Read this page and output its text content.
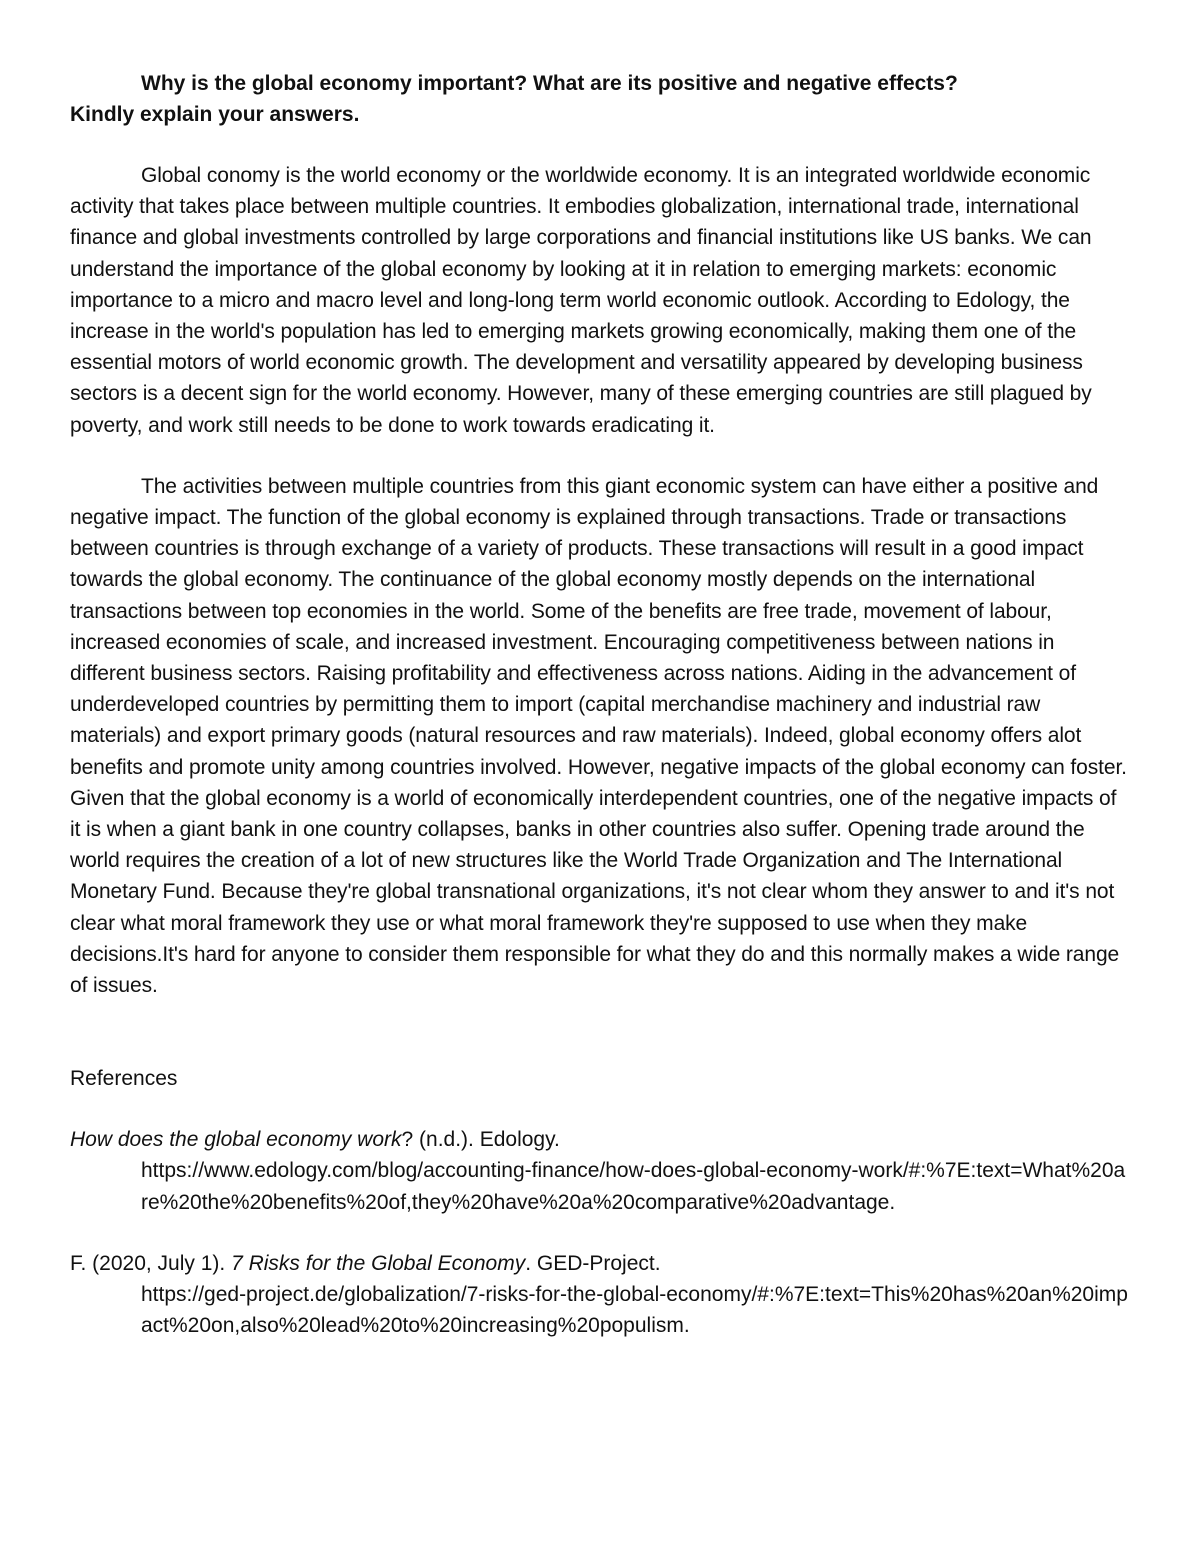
Why is the global economy important? What are its positive and negative effects?
Kindly explain your answers.

Global conomy is the world economy or the worldwide economy. It is an integrated worldwide economic activity that takes place between multiple countries. It embodies globalization, international trade, international finance and global investments controlled by large corporations and financial institutions like US banks. We can understand the importance of the global economy by looking at it in relation to emerging markets: economic importance to a micro and macro level and long-long term world economic outlook. According to Edology, the increase in the world's population has led to emerging markets growing economically, making them one of the essential motors of world economic growth. The development and versatility appeared by developing business sectors is a decent sign for the world economy. However, many of these emerging countries are still plagued by poverty, and work still needs to be done to work towards eradicating it.

The activities between multiple countries from this giant economic system can have either a positive and negative impact. The function of the global economy is explained through transactions. Trade or transactions between countries is through exchange of a variety of products. These transactions will result in a good impact towards the global economy. The continuance of the global economy mostly depends on the international transactions between top economies in the world. Some of the benefits are free trade, movement of labour, increased economies of scale, and increased investment. Encouraging competitiveness between nations in different business sectors. Raising profitability and effectiveness across nations. Aiding in the advancement of underdeveloped countries by permitting them to import (capital merchandise machinery and industrial raw materials) and export primary goods (natural resources and raw materials). Indeed, global economy offers alot benefits and promote unity among countries involved. However, negative impacts of the global economy can foster. Given that the global economy is a world of economically interdependent countries, one of the negative impacts of it is when a giant bank in one country collapses, banks in other countries also suffer. Opening trade around the world requires the creation of a lot of new structures like the World Trade Organization and The International Monetary Fund. Because they're global transnational organizations, it's not clear whom they answer to and it's not clear what moral framework they use or what moral framework they're supposed to use when they make decisions.It's hard for anyone to consider them responsible for what they do and this normally makes a wide range of issues.

References

How does the global economy work? (n.d.). Edology.
https://www.edology.com/blog/accounting-finance/how-does-global-economy-work/#:%7E:text=What%20are%20the%20benefits%20of,they%20have%20a%20comparative%20advantage.

F. (2020, July 1). 7 Risks for the Global Economy. GED-Project.
https://ged-project.de/globalization/7-risks-for-the-global-economy/#:%7E:text=This%20has%20an%20impact%20on,also%20lead%20to%20increasing%20populism.
